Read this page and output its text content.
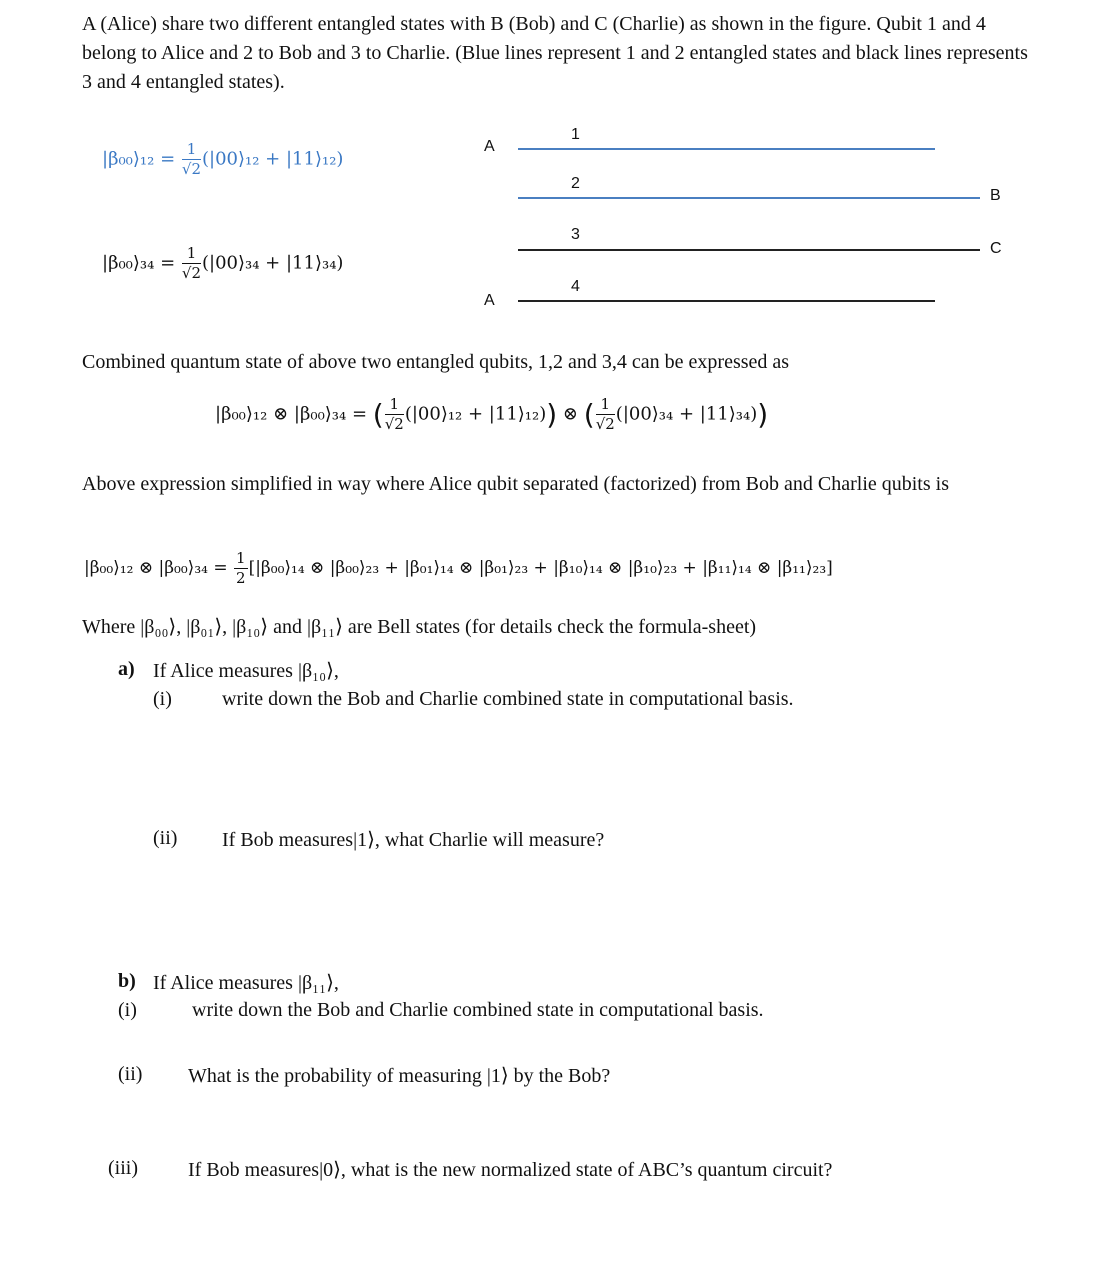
A (Alice) share two different entangled states with B (Bob) and C (Charlie) as shown in the figure. Qubit 1 and 4 belong to Alice and 2 to Bob and 3 to Charlie. (Blue lines represent 1 and 2 entangled states and black lines represents 3 and 4 entangled states).
|β₀₀⟩₁₂ = $\frac{1}{√2}$ (|00⟩₁₂ + |11⟩₁₂)
|β₀₀⟩₃₄ = $\frac{1}{√2}$ (|00⟩₃₄ + |11⟩₃₄)
A
A
B
C
1
2
3
4
Combined quantum state of above two entangled qubits, 1,2 and 3,4 can be expressed as
|β₀₀⟩₁₂ ⊗ |β₀₀⟩₃₄ = ( $\frac{1}{√2}$ (|00⟩₁₂ + |11⟩₁₂)) ⊗ ( $\frac{1}{√2}$ (|00⟩₃₄ + |11⟩₃₄))
Above expression simplified in way where Alice qubit separated (factorized) from Bob and Charlie qubits is
|β₀₀⟩₁₂ ⊗ |β₀₀⟩₃₄ = $\frac{1}{2}$ [|β₀₀⟩₁₄ ⊗ |β₀₀⟩₂₃ + |β₀₁⟩₁₄ ⊗ |β₀₁⟩₂₃ + |β₁₀⟩₁₄ ⊗ |β₁₀⟩₂₃ + |β₁₁⟩₁₄ ⊗ |β₁₁⟩₂₃]
Where |β₀₀⟩, |β₀₁⟩, |β₁₀⟩ and |β₁₁⟩ are Bell states (for details check the formula-sheet)
a) If Alice measures |β₁₀⟩,
(i)	write down the Bob and Charlie combined state in computational basis.
(ii) If Bob measures|1⟩, what Charlie will measure?
b) If Alice measures |β₁₁⟩,
(i)	write down the Bob and Charlie combined state in computational basis.
(ii) What is the probability of measuring |1⟩ by the Bob?
(iii)	If Bob measures|0⟩, what is the new normalized state of ABC’s quantum circuit?
